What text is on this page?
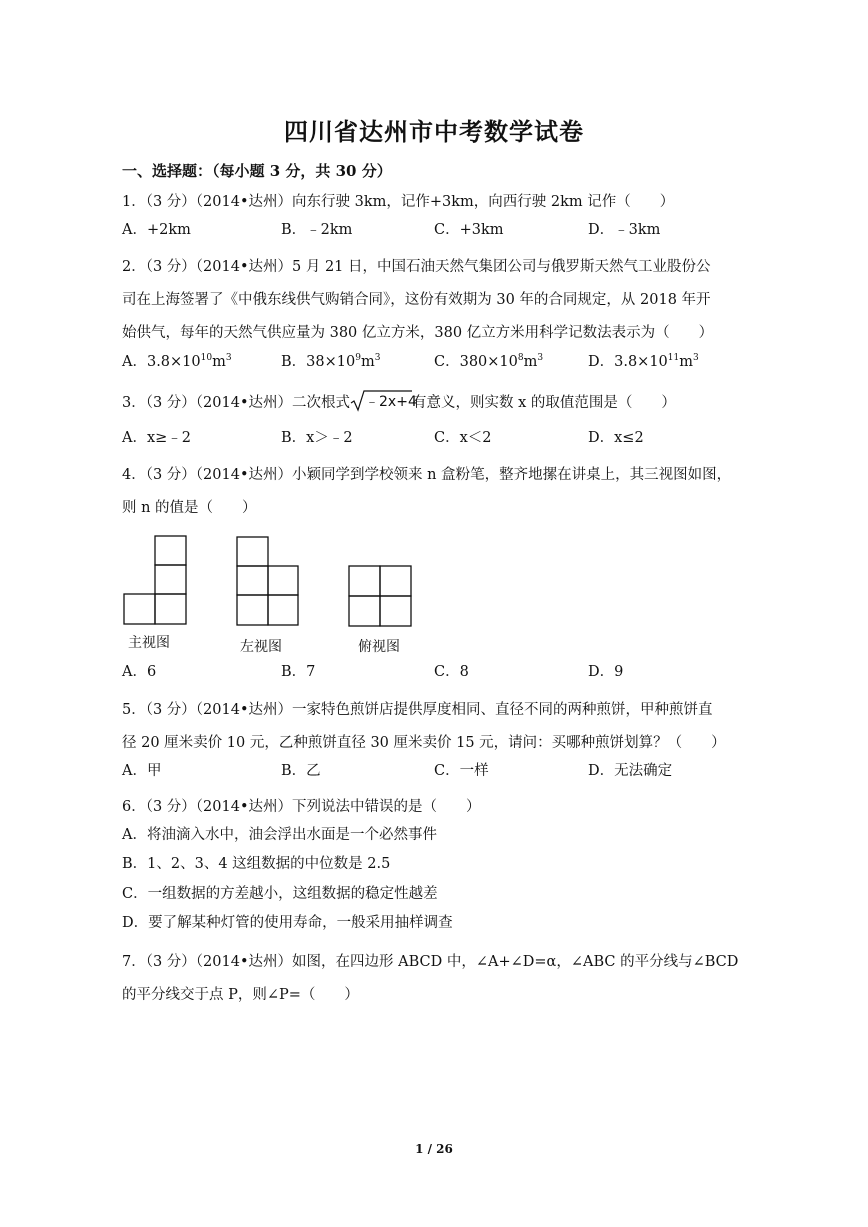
四川省达州市中考数学试卷
一、选择题：（每小题 3 分，共 30 分）
1．（3 分）（2014•达州）向东行驶 3km，记作+3km，向西行驶 2km 记作（　　）
A．+2km	B．﹣2km	C．+3km	D．﹣3km
2．（3 分）（2014•达州）5 月 21 日，中国石油天然气集团公司与俄罗斯天然气工业股份公
司在上海签署了《中俄东线供气购销合同》，这份有效期为 30 年的合同规定，从 2018 年开
始供气，每年的天然气供应量为 380 亿立方米，380 亿立方米用科学记数法表示为（　　）
A．$3.8\times 10^{10}m^3$	B．$38\times 10^9m^3$	C．$380\times 10^8m^3$	D．$3.8\times 10^{11}m^3$
3．（3 分）（2014•达州）二次根式 ﹣2x+4
有意义，则实数 x 的取值范围是（　　）
A．x≥﹣2	B．x＞﹣2	C．x＜2	D．x≤2
4．（3 分）（2014•达州）小颖同学到学校领来 n 盒粉笔，整齐地摞在讲桌上，其三视图如图，
则 n 的值是（　　）
主视图	左视图	俯视图
A．6	B．7	C．8	D．9
5．（3 分）（2014•达州）一家特色煎饼店提供厚度相同、直径不同的两种煎饼，甲种煎饼直
径 20 厘米卖价 10 元，乙种煎饼直径 30 厘米卖价 15 元，请问：买哪种煎饼划算？（　　）
A．甲	B．乙	C．一样	D．无法确定
6．（3 分）（2014•达州）下列说法中错误的是（　　）
A．将油滴入水中，油会浮出水面是一个必然事件
B．1、2、3、4 这组数据的中位数是 2.5
C．一组数据的方差越小，这组数据的稳定性越差
D．要了解某种灯管的使用寿命，一般采用抽样调查
7．（3 分）（2014•达州）如图，在四边形 ABCD 中，∠A+∠D=α，∠ABC 的平分线与∠BCD
的平分线交于点 P，则∠P=（　　）
1 / 26
